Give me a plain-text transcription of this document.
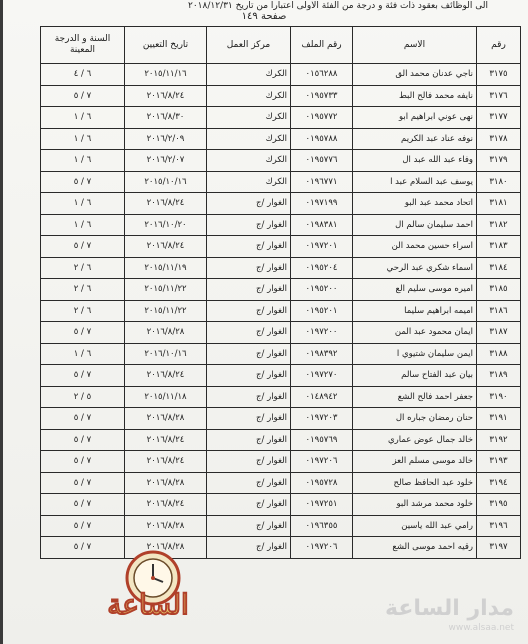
الى الوظائف بعقود ذات فئة و درجة من الفئة الاولى اعتبارا من تاريخ ٢٠١٨/١٢/٣١
صفحة ١٤٩
رقم	الاسم	رقم الملف	مركز العمل	تاريخ التعيين	السنة و الدرجة المعينة
٣١٧٥	ناجي عدنان محمد الق	٠١٥٦٢٨٨	الكرك	٢٠١٥/١١/١٦	٦ / ٤
٣١٧٦	نايفه محمد فالح البط	٠١٩٥٧٣٣	الكرك	٢٠١٦/٨/٢٤	٧ / ٥
٣١٧٧	نهى عوني ابراهيم ابو	٠١٩٥٧٧٢	الكرك	٢٠١٦/٨/٣٠	٦ / ١
٣١٧٨	نوفه عناد عبد الكريم	٠١٩٥٧٨٨	الكرك	٢٠١٦/٢/٠٩	٦ / ١
٣١٧٩	وفاء عبد الله عبد ال	٠١٩٥٧٧٦	الكرك	٢٠١٦/٢/٠٧	٦ / ١
٣١٨٠	يوسف عبد السلام عبد ا	٠١٩٦٧٧١	الكرك	٢٠١٥/١٠/١٦	٧ / ٥
٣١٨١	اتحاد محمد عبد البو	٠١٩٧١٩٩	الغوار /ج	٢٠١٦/٨/٢٤	٦ / ١
٣١٨٢	احمد سليمان سالم ال	٠١٩٨٣٨١	الغوار /ج	٢٠١٦/١٠/٢٠	٦ / ١
٣١٨٣	اسراء حسين محمد الن	٠١٩٧٢٠١	الغوار /ج	٢٠١٦/٨/٢٤	٧ / ٥
٣١٨٤	اسماء شكري عبد الرحي	٠١٩٥٢٠٤	الغوار /ج	٢٠١٥/١١/١٩	٦ / ٢
٣١٨٥	اميره موسى سليم الع	٠١٩٥٢٠٠	الغوار /ج	٢٠١٥/١١/٢٢	٦ / ٢
٣١٨٦	اميمه ابراهيم سليما	٠١٩٥٢٠١	الغوار /ج	٢٠١٥/١١/٢٢	٦ / ٢
٣١٨٧	ايمان محمود عبد المن	٠١٩٧٢٠٠	الغوار /ج	٢٠١٦/٨/٢٨	٧ / ٥
٣١٨٨	ايمن سليمان شتيوي ا	٠١٩٨٣٩٢	الغوار /ج	٢٠١٦/١٠/١٦	٦ / ١
٣١٨٩	بيان عبد الفتاح سالم	٠١٩٧٢٧٠	الغوار /ج	٢٠١٦/٨/٢٤	٧ / ٥
٣١٩٠	جعفر احمد فالح الشع	٠١٤٨٩٤٢	الغوار /ج	٢٠١٥/١١/١٨	٥ / ٢
٣١٩١	حنان رمضان جباره ال	٠١٩٧٢٠٣	الغوار /ج	٢٠١٦/٨/٢٨	٧ / ٥
٣١٩٢	خالد جمال عوض عماري	٠١٩٥٧٦٩	الغوار /ج	٢٠١٦/٨/٢٤	٧ / ٥
٣١٩٣	خالد موسى مسلم العز	٠١٩٧٢٠٦	الغوار /ج	٢٠١٦/٨/٢٤	٧ / ٥
٣١٩٤	خلود عبد الحافظ صالح	٠١٩٥٧٢٨	الغوار /ج	٢٠١٦/٨/٢٨	٧ / ٥
٣١٩٥	خلود محمد مرشد البو	٠١٩٧٢٥١	الغوار /ج	٢٠١٦/٨/٢٤	٧ / ٥
٣١٩٦	رامي عبد الله ياسين	٠١٩٦٣٥٥	الغوار /ج	٢٠١٦/٨/٢٨	٧ / ٥
٣١٩٧	رقيه احمد موسى الشع	٠١٩٧٢٠٦	الغوار /ج	٢٠١٦/٨/٢٨	٧ / ٥
الساعة	مدار الساعة
www.alsaa.net
